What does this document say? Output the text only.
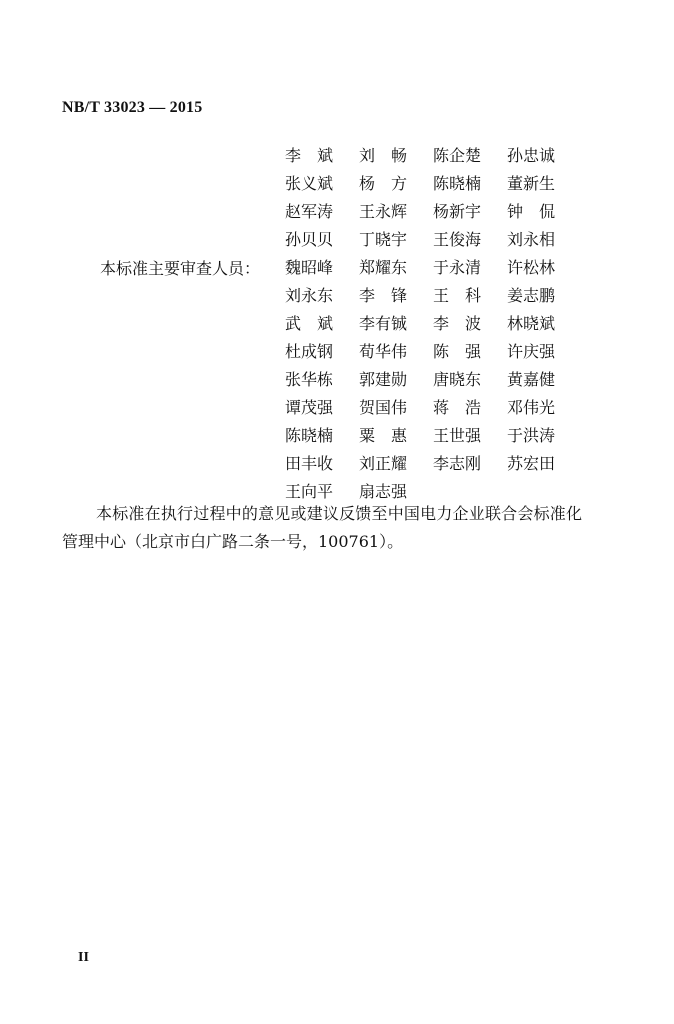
NB/T 33023 — 2015
本标准主要审查人员：
李　斌 刘　畅 陈企楚 孙忠诚
张义斌 杨　方 陈晓楠 董新生
赵军涛 王永辉 杨新宇 钟　侃
孙贝贝 丁晓宇 王俊海 刘永相
魏昭峰 郑耀东 于永清 许松林
刘永东 李　锋 王　科 姜志鹏
武　斌 李有铖 李　波 林晓斌
杜成钢 荀华伟 陈　强 许庆强
张华栋 郭建勋 唐晓东 黄嘉健
谭茂强 贺国伟 蒋　浩 邓伟光
陈晓楠 粟　惠 王世强 于洪涛
田丰收 刘正耀 李志刚 苏宏田
王向平 扇志强
本标准在执行过程中的意见或建议反馈至中国电力企业联合会标准化管理中心（北京市白广路二条一号，100761）。
II
